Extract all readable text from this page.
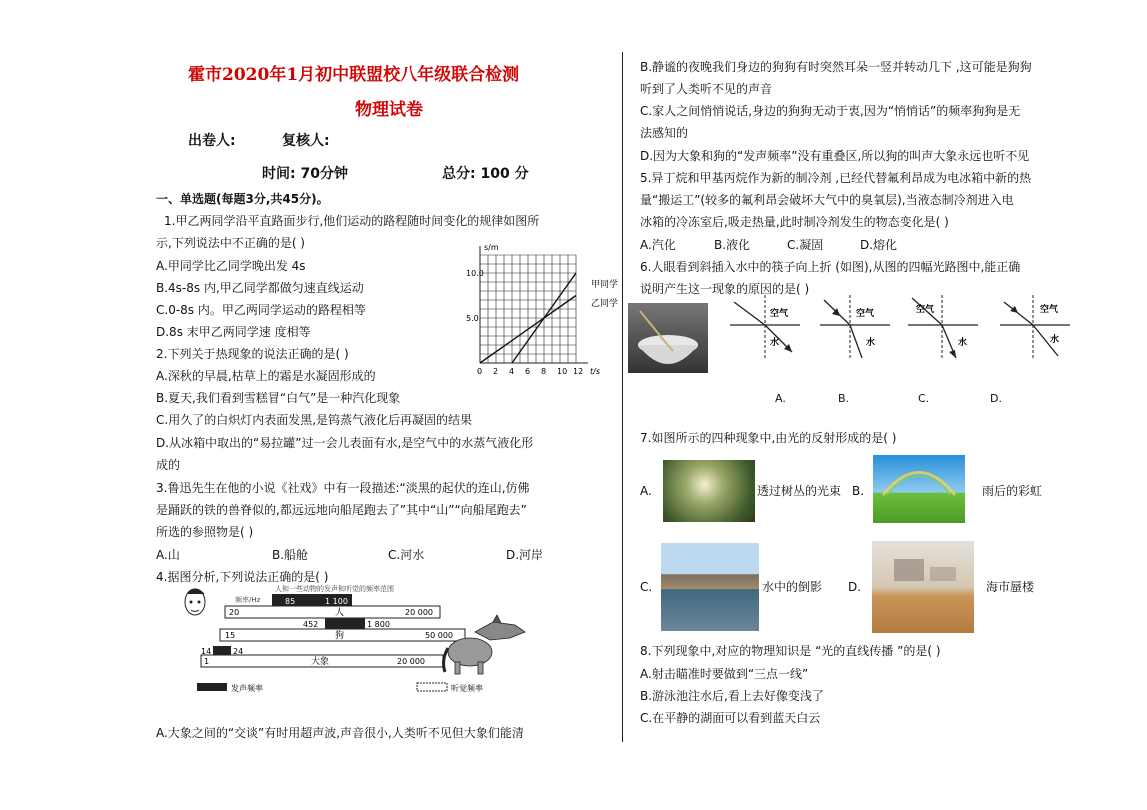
霍市2020年1月初中联盟校八年级联合检测
物理试卷
出卷人:	复核人:
时间: 70分钟	总分: 100 分
一、单选题(每题3分,共45分)。
1.甲乙两同学沿平直路面步行,他们运动的路程随时间变化的规律如图所
示,下列说法中不正确的是( )
A.甲同学比乙同学晚出发 4s
B.4s-8s 内,甲乙同学都做匀速直线运动
C.0-8s 内。甲乙两同学运动的路程相等
D.8s 末甲乙两同学速 度相等
s/m
t/s
甲同学
乙同学
0 2 4 6 8 10 12
5.0
10.0
2.下列关于热现象的说法正确的是( )
A.深秋的早晨,枯草上的霜是水凝固形成的
B.夏天,我们看到雪糕冒“白气”是一种汽化现象
C.用久了的白炽灯内表面发黑,是钨蒸气液化后再凝固的结果
D.从冰箱中取出的“易拉罐”过一会儿表面有水,是空气中的水蒸气液化形
成的
3.鲁迅先生在他的小说《社戏》中有一段描述:“淡黑的起伏的连山,仿佛
是踊跃的铁的兽脊似的,都远远地向船尾跑去了”其中“山”“向船尾跑去”
所选的参照物是( )
A.山	B.船舱	C.河水	D.河岸
4.据图分析,下列说法正确的是( )
人和一些动物的发声和听觉的频率范围
频率/Hz	85	1 100
20	人	20 000
452	1 800
15	狗	50 000
14	24
1	大象	20 000
发声频率	听觉频率
A.大象之间的“交谈”有时用超声波,声音很小,人类听不见但大象们能清
B.静谧的夜晚我们身边的狗狗有时突然耳朵一竖并转动几下 ,这可能是狗狗
听到了人类听不见的声音
C.家人之间悄悄说话,身边的狗狗无动于衷,因为“悄悄话”的频率狗狗是无
法感知的
D.因为大象和狗的“发声频率”没有重叠区,所以狗的叫声大象永远也听不见
5.异丁烷和甲基丙烷作为新的制冷剂 ,已经代替氟利昂成为电冰箱中新的热
量“搬运工”(较多的氟利昂会破坏大气中的臭氧层),当液态制冷剂进入电
冰箱的冷冻室后,吸走热量,此时制冷剂发生的物态变化是( )
A.汽化	B.液化	C.凝固	D.熔化
6.人眼看到斜插入水中的筷子向上折 (如图),从图的四幅光路图中,能正确
说明产生这一现象的原因的是( )
空气
水
空气
水
空气
水
空气
水
A.	B.	C.	D.
7.如图所示的四种现象中,由光的反射形成的是( )
A.	透过树丛的光束 B.	雨后的彩虹
C.	水中的倒影 D.	海市蜃楼
8.下列现象中,对应的物理知识是 “光的直线传播 ”的是( )
A.射击瞄准时要做到“三点一线”
B.游泳池注水后,看上去好像变浅了
C.在平静的湖面可以看到蓝天白云
